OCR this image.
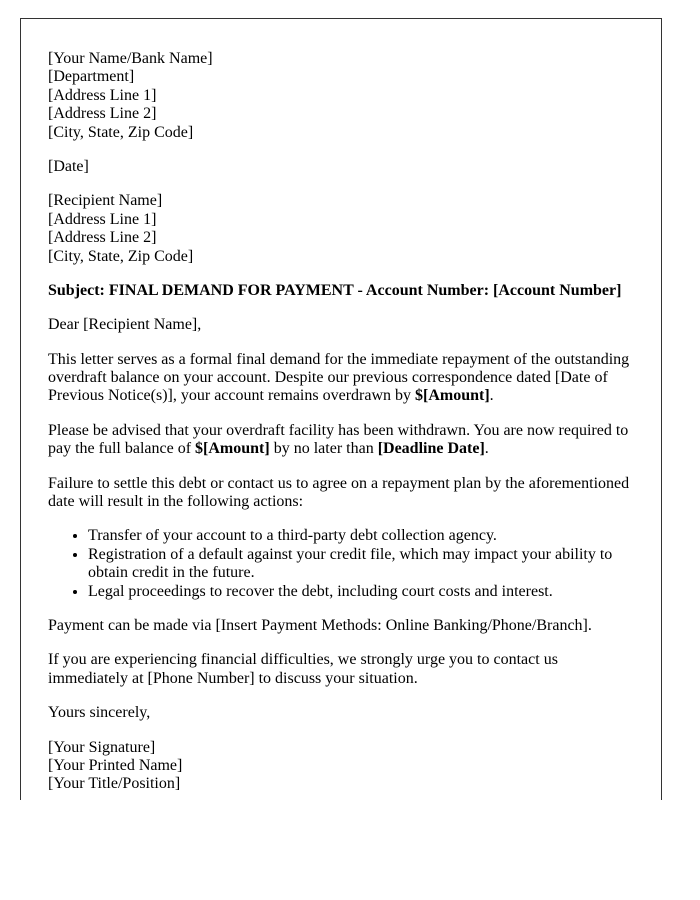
[Your Name/Bank Name]
[Department]
[Address Line 1]
[Address Line 2]
[City, State, Zip Code]

[Date]

[Recipient Name]
[Address Line 1]
[Address Line 2]
[City, State, Zip Code]

Subject: FINAL DEMAND FOR PAYMENT - Account Number: [Account Number]

Dear [Recipient Name],

This letter serves as a formal final demand for the immediate repayment of the outstanding overdraft balance on your account. Despite our previous correspondence dated [Date of Previous Notice(s)], your account remains overdrawn by $[Amount].

Please be advised that your overdraft facility has been withdrawn. You are now required to pay the full balance of $[Amount] by no later than [Deadline Date].

Failure to settle this debt or contact us to agree on a repayment plan by the aforementioned date will result in the following actions:

• Transfer of your account to a third-party debt collection agency.
• Registration of a default against your credit file, which may impact your ability to obtain credit in the future.
• Legal proceedings to recover the debt, including court costs and interest.

Payment can be made via [Insert Payment Methods: Online Banking/Phone/Branch].

If you are experiencing financial difficulties, we strongly urge you to contact us immediately at [Phone Number] to discuss your situation.

Yours sincerely,

[Your Signature]
[Your Printed Name]
[Your Title/Position]
